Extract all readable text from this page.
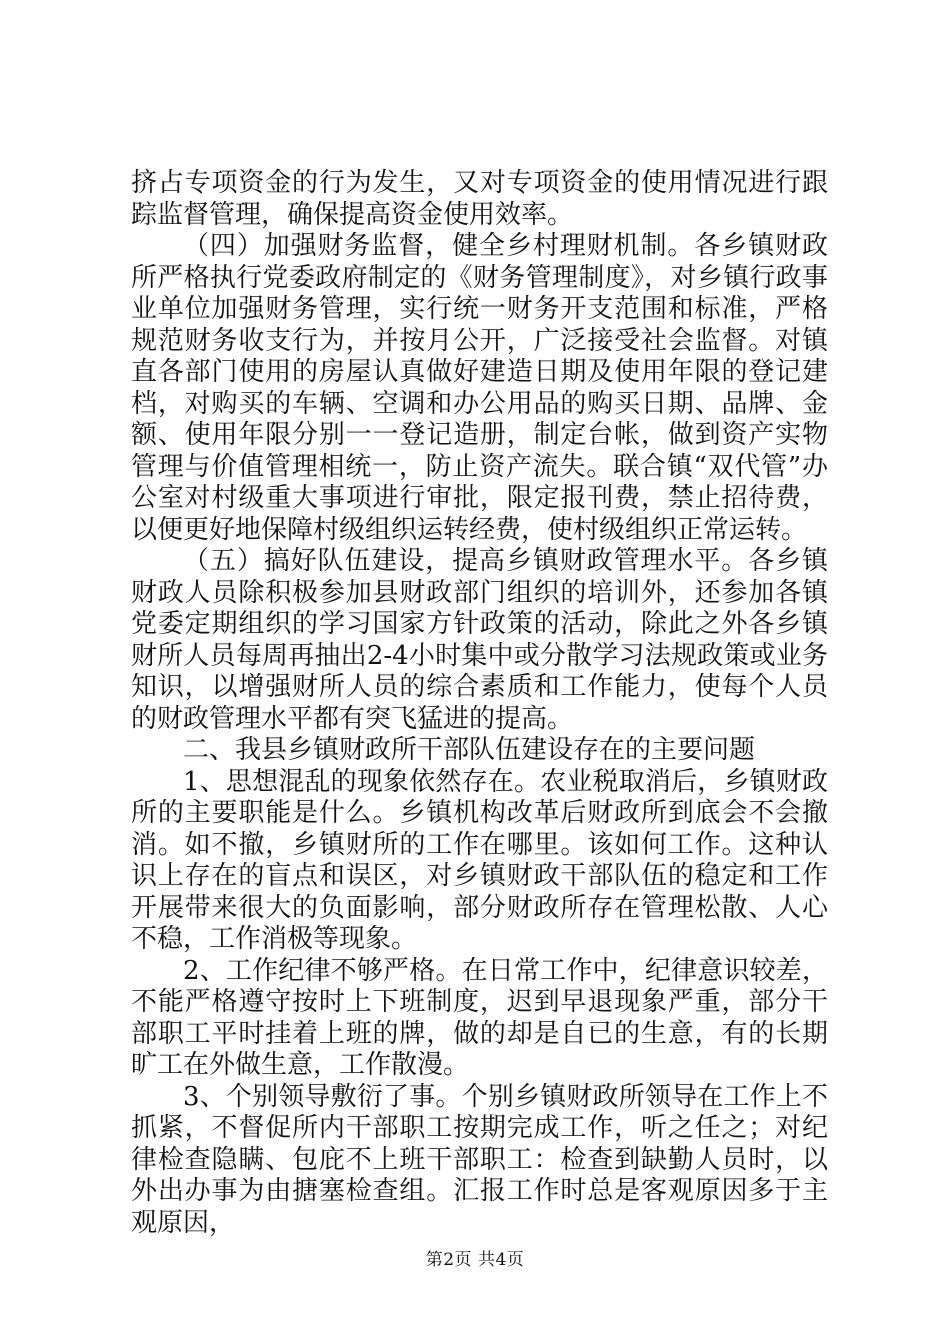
挤占专项资金的行为发生，又对专项资金的使用情况进行跟踪监督管理，确保提高资金使用效率。

（四）加强财务监督，健全乡村理财机制。各乡镇财政所严格执行党委政府制定的《财务管理制度》，对乡镇行政事业单位加强财务管理，实行统一财务开支范围和标准，严格规范财务收支行为，并按月公开，广泛接受社会监督。对镇直各部门使用的房屋认真做好建造日期及使用年限的登记建档，对购买的车辆、空调和办公用品的购买日期、品牌、金额、使用年限分别一一登记造册，制定台帐，做到资产实物管理与价值管理相统一，防止资产流失。联合镇“双代管”办公室对村级重大事项进行审批，限定报刊费，禁止招待费，以便更好地保障村级组织运转经费，使村级组织正常运转。

（五）搞好队伍建设，提高乡镇财政管理水平。各乡镇财政人员除积极参加县财政部门组织的培训外，还参加各镇党委定期组织的学习国家方针政策的活动，除此之外各乡镇财所人员每周再抽出2-4小时集中或分散学习法规政策或业务知识，以增强财所人员的综合素质和工作能力，使每个人员的财政管理水平都有突飞猛进的提高。

二、我县乡镇财政所干部队伍建设存在的主要问题

1、思想混乱的现象依然存在。农业税取消后，乡镇财政所的主要职能是什么。乡镇机构改革后财政所到底会不会撤消。如不撤，乡镇财所的工作在哪里。该如何工作。这种认识上存在的盲点和误区，对乡镇财政干部队伍的稳定和工作开展带来很大的负面影响，部分财政所存在管理松散、人心不稳，工作消极等现象。

2、工作纪律不够严格。在日常工作中，纪律意识较差，不能严格遵守按时上下班制度，迟到早退现象严重，部分干部职工平时挂着上班的牌，做的却是自已的生意，有的长期旷工在外做生意，工作散漫。

3、个别领导敷衍了事。个别乡镇财政所领导在工作上不抓紧，不督促所内干部职工按期完成工作，听之任之；对纪律检查隐瞒、包庇不上班干部职工：检查到缺勤人员时，以外出办事为由搪塞检查组。汇报工作时总是客观原因多于主观原因，

第2页 共4页
